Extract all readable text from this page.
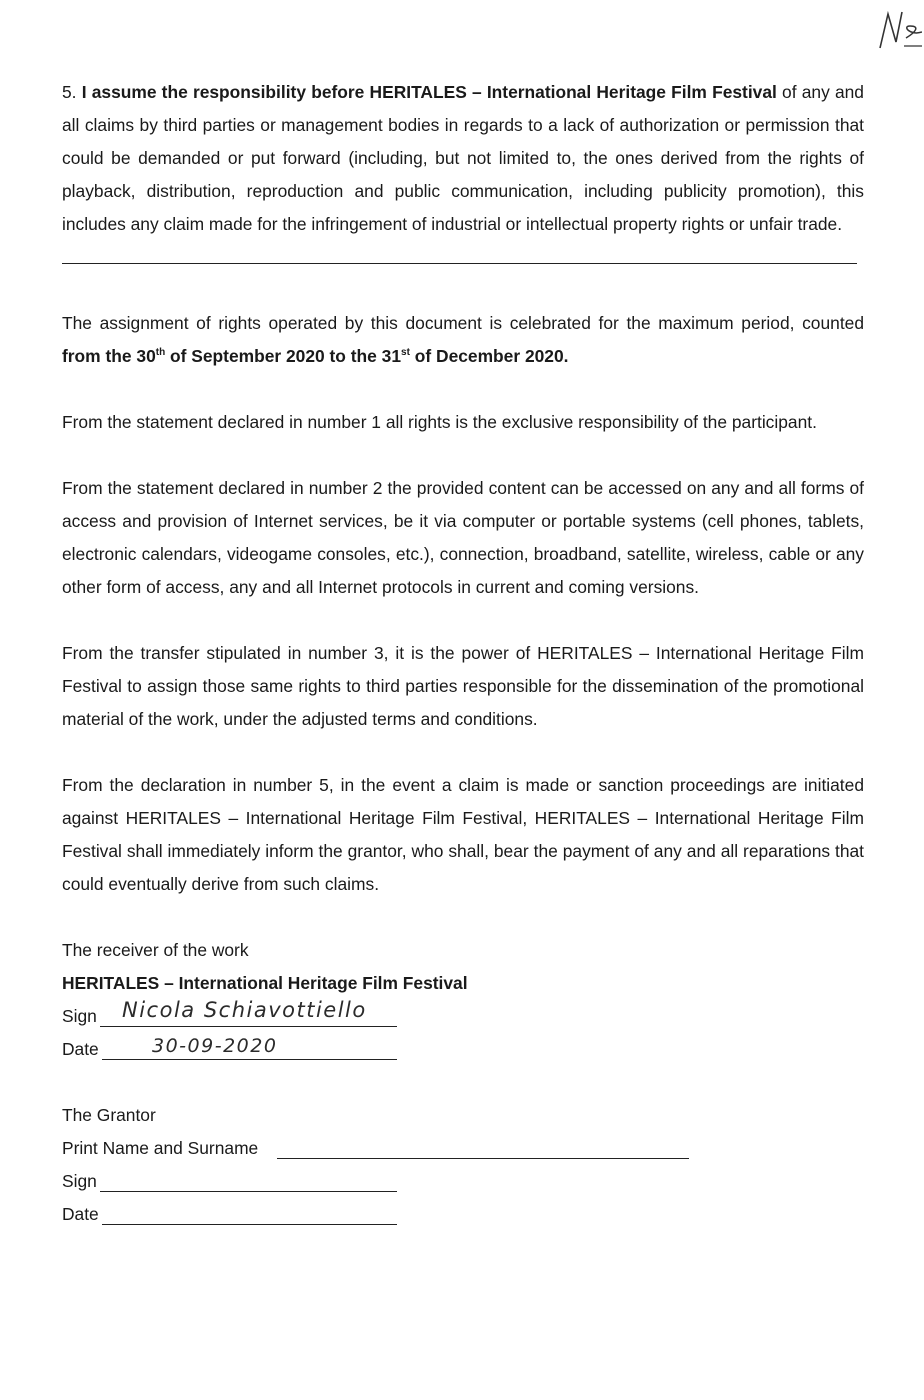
5. I assume the responsibility before HERITALES – International Heritage Film Festival of any and all claims by third parties or management bodies in regards to a lack of authorization or permission that could be demanded or put forward (including, but not limited to, the ones derived from the rights of playback, distribution, reproduction and public communication, including publicity promotion), this includes any claim made for the infringement of industrial or intellectual property rights or unfair trade.

The assignment of rights operated by this document is celebrated for the maximum period, counted from the 30th of September 2020 to the 31st of December 2020.

From the statement declared in number 1 all rights is the exclusive responsibility of the participant.

From the statement declared in number 2 the provided content can be accessed on any and all forms of access and provision of Internet services, be it via computer or portable systems (cell phones, tablets, electronic calendars, videogame consoles, etc.), connection, broadband, satellite, wireless, cable or any other form of access, any and all Internet protocols in current and coming versions.

From the transfer stipulated in number 3, it is the power of HERITALES – International Heritage Film Festival to assign those same rights to third parties responsible for the dissemination of the promotional material of the work, under the adjusted terms and conditions.

From the declaration in number 5, in the event a claim is made or sanction proceedings are initiated against HERITALES – International Heritage Film Festival, HERITALES – International Heritage Film Festival shall immediately inform the grantor, who shall, bear the payment of any and all reparations that could eventually derive from such claims.

The receiver of the work
HERITALES – International Heritage Film Festival
Sign Nicola Schiavottiello
Date	30-09-2020
The Grantor
Print Name and Surname
Sign
Date
